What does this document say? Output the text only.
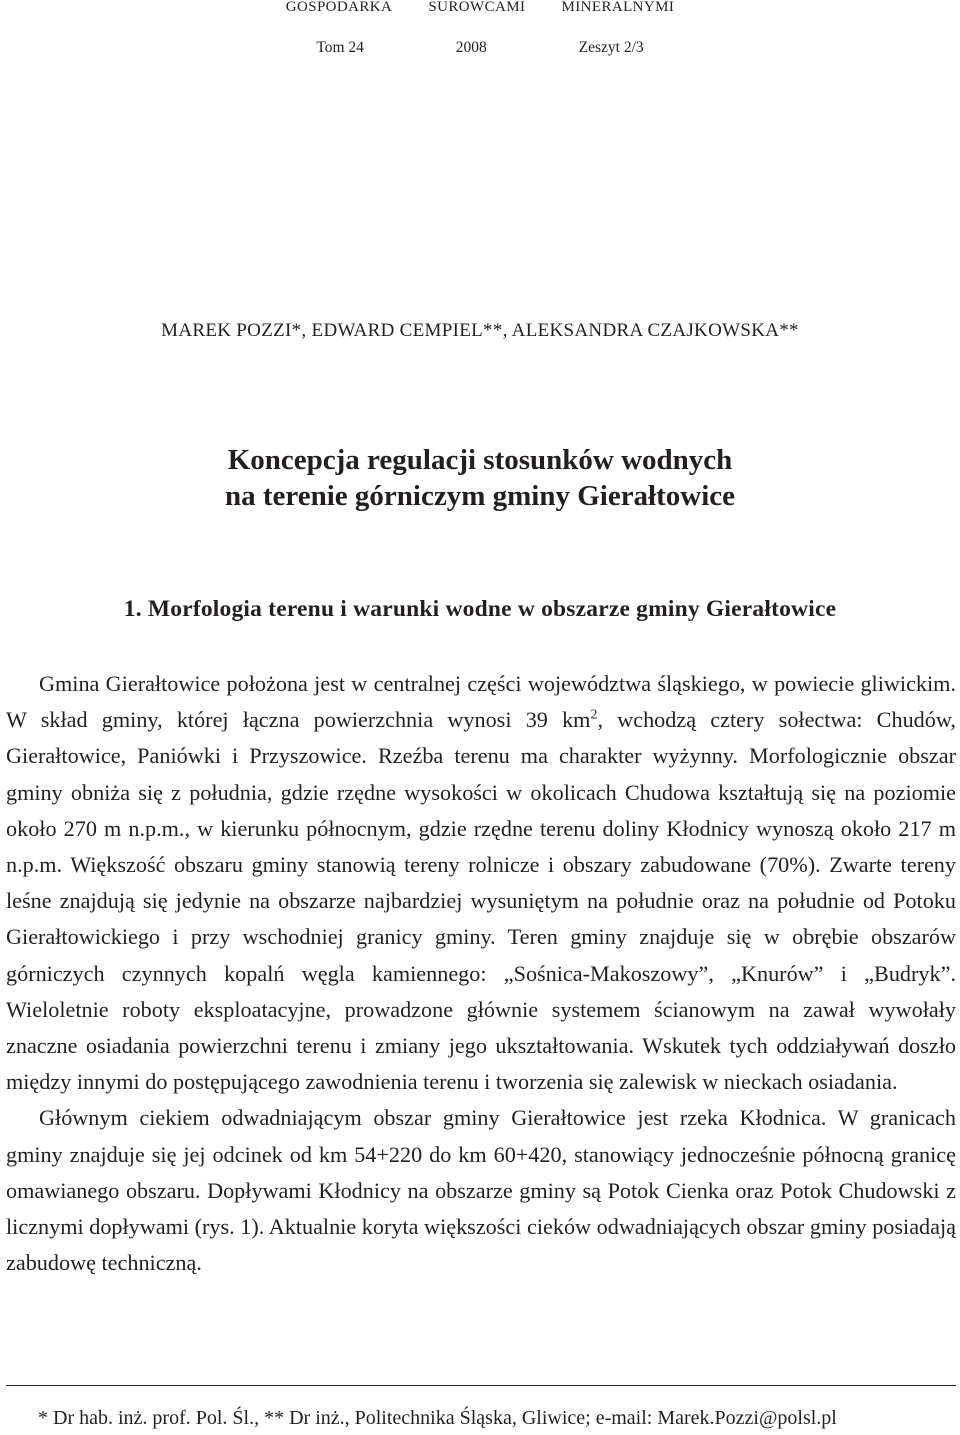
GOSPODARKA SUROWCAMI MINERALNYMI
Tom 24	2008	Zeszyt 2/3
MAREK POZZI*, EDWARD CEMPIEL**, ALEKSANDRA CZAJKOWSKA**
Koncepcja regulacji stosunków wodnych
na terenie górniczym gminy Gierałtowice
1. Morfologia terenu i warunki wodne w obszarze gminy Gierałtowice

Gmina Gierałtowice położona jest w centralnej części województwa śląskiego, w powiecie gliwickim. W skład gminy, której łączna powierzchnia wynosi 39 $km^2$, wchodzą cztery sołectwa: Chudów, Gierałtowice, Paniówki i Przyszowice. Rzeźba terenu ma charakter wyżynny. Morfologicznie obszar gminy obniża się z południa, gdzie rzędne wysokości w okolicach Chudowa kształtują się na poziomie około 270 m n.p.m., w kierunku północnym, gdzie rzędne terenu doliny Kłodnicy wynoszą około 217 m n.p.m. Większość obszaru gminy stanowią tereny rolnicze i obszary zabudowane (70%). Zwarte tereny leśne znajdują się jedynie na obszarze najbardziej wysuniętym na południe oraz na południe od Potoku Gierałtowickiego i przy wschodniej granicy gminy. Teren gminy znajduje się w obrębie obszarów górniczych czynnych kopalń węgla kamiennego: „Sośnica-Makoszowy”, „Knurów” i „Budryk”. Wieloletnie roboty eksploatacyjne, prowadzone głównie systemem ścianowym na zawał wywołały znaczne osiadania powierzchni terenu i zmiany jego ukształtowania. Wskutek tych oddziaływań doszło między innymi do postępującego zawodnienia terenu i tworzenia się zalewisk w nieckach osiadania.

Głównym ciekiem odwadniającym obszar gminy Gierałtowice jest rzeka Kłodnica. W granicach gminy znajduje się jej odcinek od km 54+220 do km 60+420, stanowiący jednocześnie północną granicę omawianego obszaru. Dopływami Kłodnicy na obszarze gminy są Potok Cienka oraz Potok Chudowski z licznymi dopływami (rys. 1). Aktualnie koryta większości cieków odwadniających obszar gminy posiadają zabudowę techniczną.

* Dr hab. inż. prof. Pol. Śl., ** Dr inż., Politechnika Śląska, Gliwice; e-mail: Marek.Pozzi@polsl.pl
